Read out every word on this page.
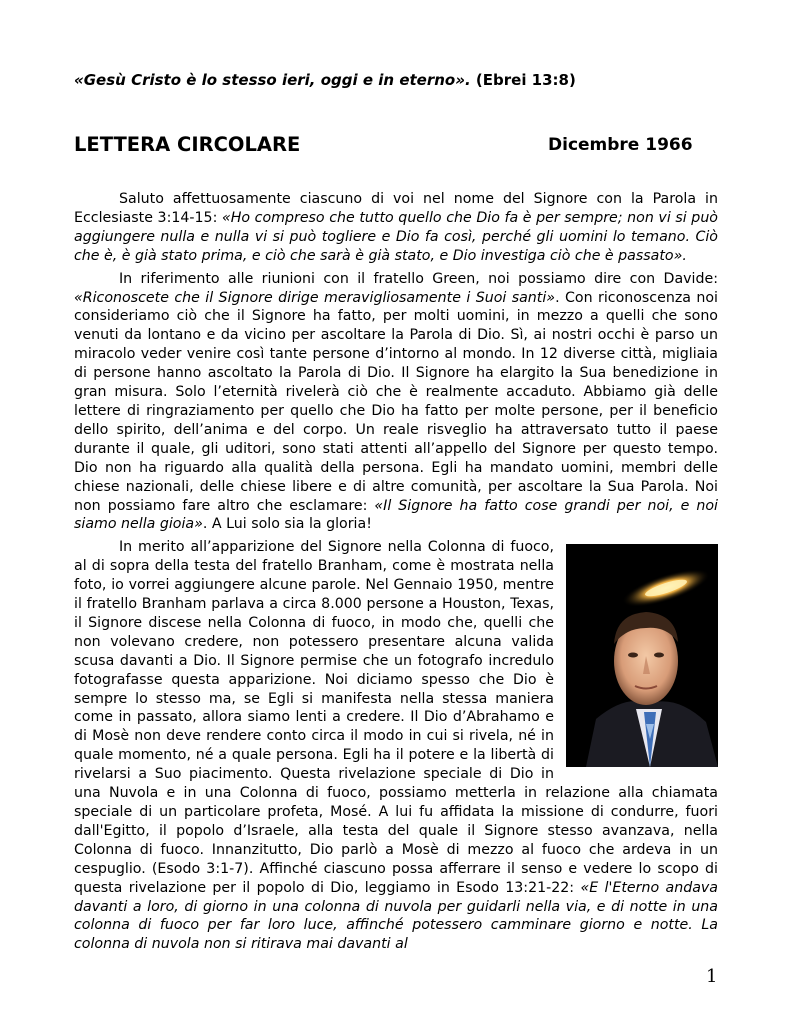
«Gesù Cristo è lo stesso ieri, oggi e in eterno». (Ebrei 13:8)
LETTERA CIRCOLARE	Dicembre 1966

Saluto affettuosamente ciascuno di voi nel nome del Signore con la Parola in Ecclesiaste 3:14-15: «Ho compreso che tutto quello che Dio fa è per sempre; non vi si può aggiungere nulla e nulla vi si può togliere e Dio fa così, perché gli uomini lo temano. Ciò che è, è già stato prima, e ciò che sarà è già stato, e Dio investiga ciò che è passato».

In riferimento alle riunioni con il fratello Green, noi possiamo dire con Davide: «Riconoscete che il Signore dirige meravigliosamente i Suoi santi». Con riconoscenza noi consideriamo ciò che il Signore ha fatto, per molti uomini, in mezzo a quelli che sono venuti da lontano e da vicino per ascoltare la Parola di Dio. Sì, ai nostri occhi è parso un miracolo veder venire così tante persone d’intorno al mondo. In 12 diverse città, migliaia di persone hanno ascoltato la Parola di Dio. Il Signore ha elargito la Sua benedizione in gran misura. Solo l’eternità rivelerà ciò che è realmente accaduto. Abbiamo già delle lettere di ringraziamento per quello che Dio ha fatto per molte persone, per il beneficio dello spirito, dell’anima e del corpo. Un reale risveglio ha attraversato tutto il paese durante il quale, gli uditori, sono stati attenti all’appello del Signore per questo tempo. Dio non ha riguardo alla qualità della persona. Egli ha mandato uomini, membri delle chiese nazionali, delle chiese libere e di altre comunità, per ascoltare la Sua Parola. Noi non possiamo fare altro che esclamare: «Il Signore ha fatto cose grandi per noi, e noi siamo nella gioia». A Lui solo sia la gloria!

In merito all’apparizione del Signore nella Colonna di fuoco, al di sopra della testa del fratello Branham, come è mostrata nella foto, io vorrei aggiungere alcune parole. Nel Gennaio 1950, mentre il fratello Branham parlava a circa 8.000 persone a Houston, Texas, il Signore discese nella Colonna di fuoco, in modo che, quelli che non volevano credere, non potessero presentare alcuna valida scusa davanti a Dio. Il Signore permise che un fotografo incredulo fotografasse questa apparizione. Noi diciamo spesso che Dio è sempre lo stesso ma, se Egli si manifesta nella stessa maniera come in passato, allora siamo lenti a credere. Il Dio d’Abrahamo e di Mosè non deve rendere conto circa il modo in cui si rivela, né in quale momento, né a quale persona. Egli ha il potere e la libertà di rivelarsi a Suo piacimento. Questa rivelazione speciale di Dio in una Nuvola e in una Colonna di fuoco, possiamo metterla in relazione alla chiamata speciale di un particolare profeta, Mosé. A lui fu affidata la missione di condurre, fuori dall'Egitto, il popolo d’Israele, alla testa del quale il Signore stesso avanzava, nella Colonna di fuoco. Innanzitutto, Dio parlò a Mosè di mezzo al fuoco che ardeva in un cespuglio. (Esodo 3:1-7). Affinché ciascuno possa afferrare il senso e vedere lo scopo di questa rivelazione per il popolo di Dio, leggiamo in Esodo 13:21-22: «E l'Eterno andava davanti a loro, di giorno in una colonna di nuvola per guidarli nella via, e di notte in una colonna di fuoco per far loro luce, affinché potessero camminare giorno e notte. La colonna di nuvola non si ritirava mai davanti al

1
